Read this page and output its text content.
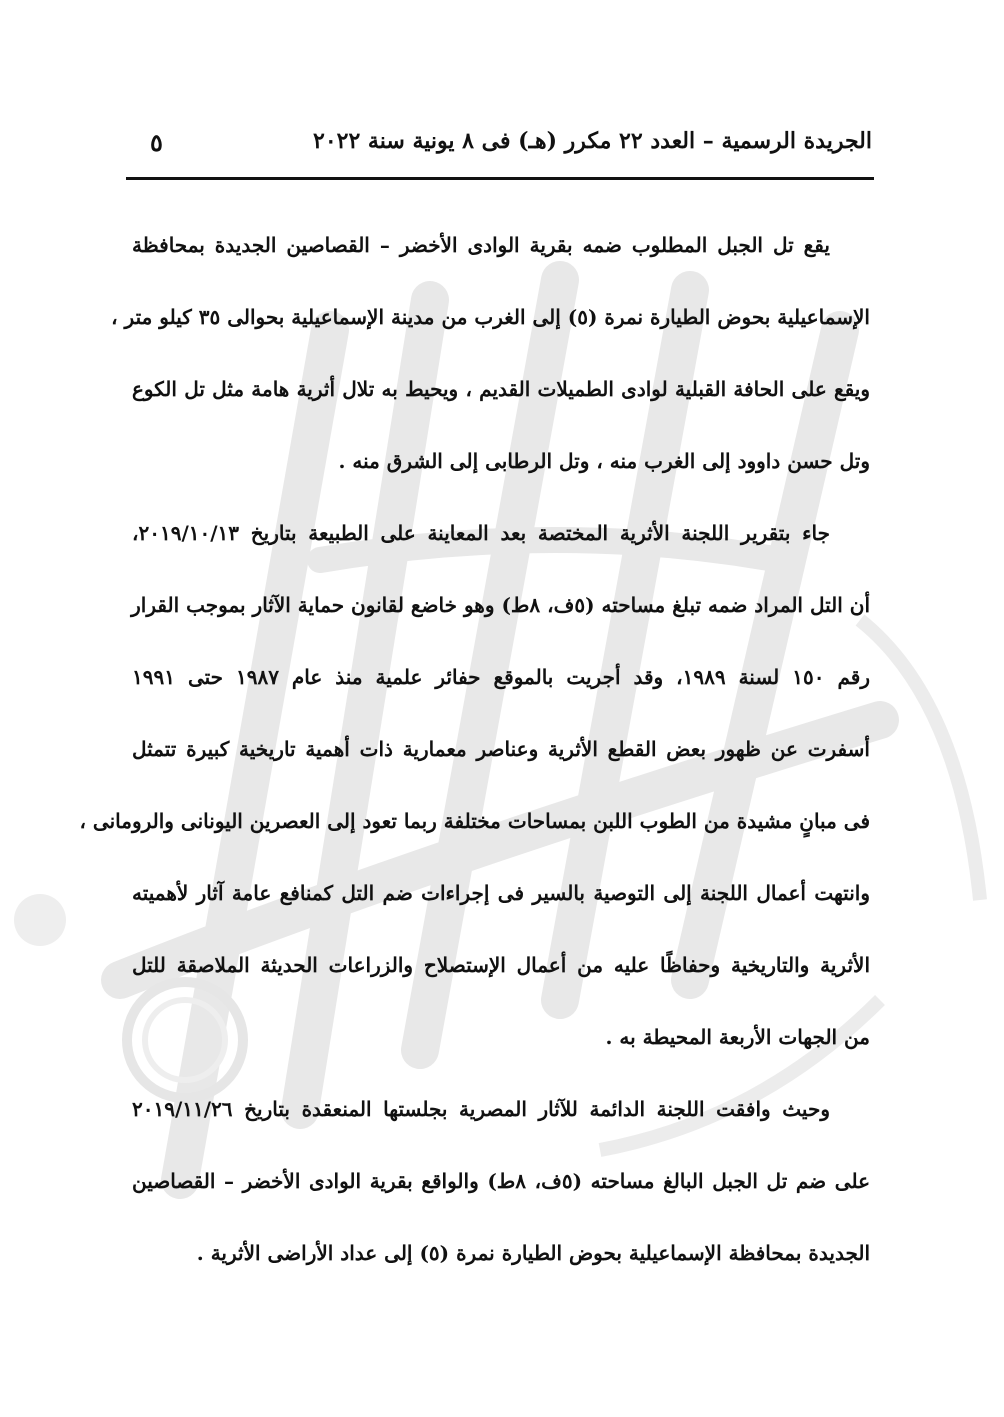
الجريدة الرسمية – العدد ٢٢ مكرر (هـ) فى ٨ يونية سنة ٢٠٢٢
٥
يقع تل الجبل المطلوب ضمه بقرية الوادى الأخضر – القصاصين الجديدة بمحافظة
الإسماعيلية بحوض الطيارة نمرة (٥) إلى الغرب من مدينة الإسماعيلية بحوالى ٣٥ كيلو متر ،
ويقع على الحافة القبلية لوادى الطميلات القديم ، ويحيط به تلال أثرية هامة مثل تل الكوع
وتل حسن داوود إلى الغرب منه ، وتل الرطابى إلى الشرق منه .
جاء بتقرير اللجنة الأثرية المختصة بعد المعاينة على الطبيعة بتاريخ ٢٠١٩/١٠/١٣،
أن التل المراد ضمه تبلغ مساحته (٥ف، ٨ط) وهو خاضع لقانون حماية الآثار بموجب القرار
رقم ١٥٠ لسنة ١٩٨٩، وقد أجريت بالموقع حفائر علمية منذ عام ١٩٨٧ حتى ١٩٩١
أسفرت عن ظهور بعض القطع الأثرية وعناصر معمارية ذات أهمية تاريخية كبيرة تتمثل
فى مبانٍ مشيدة من الطوب اللبن بمساحات مختلفة ربما تعود إلى العصرين اليونانى والرومانى ،
وانتهت أعمال اللجنة إلى التوصية بالسير فى إجراءات ضم التل كمنافع عامة آثار لأهميته
الأثرية والتاريخية وحفاظًا عليه من أعمال الإستصلاح والزراعات الحديثة الملاصقة للتل
من الجهات الأربعة المحيطة به .
وحيث وافقت اللجنة الدائمة للآثار المصرية بجلستها المنعقدة بتاريخ ٢٠١٩/١١/٢٦
على ضم تل الجبل البالغ مساحته (٥ف، ٨ط) والواقع بقرية الوادى الأخضر – القصاصين
الجديدة بمحافظة الإسماعيلية بحوض الطيارة نمرة (٥) إلى عداد الأراضى الأثرية .
